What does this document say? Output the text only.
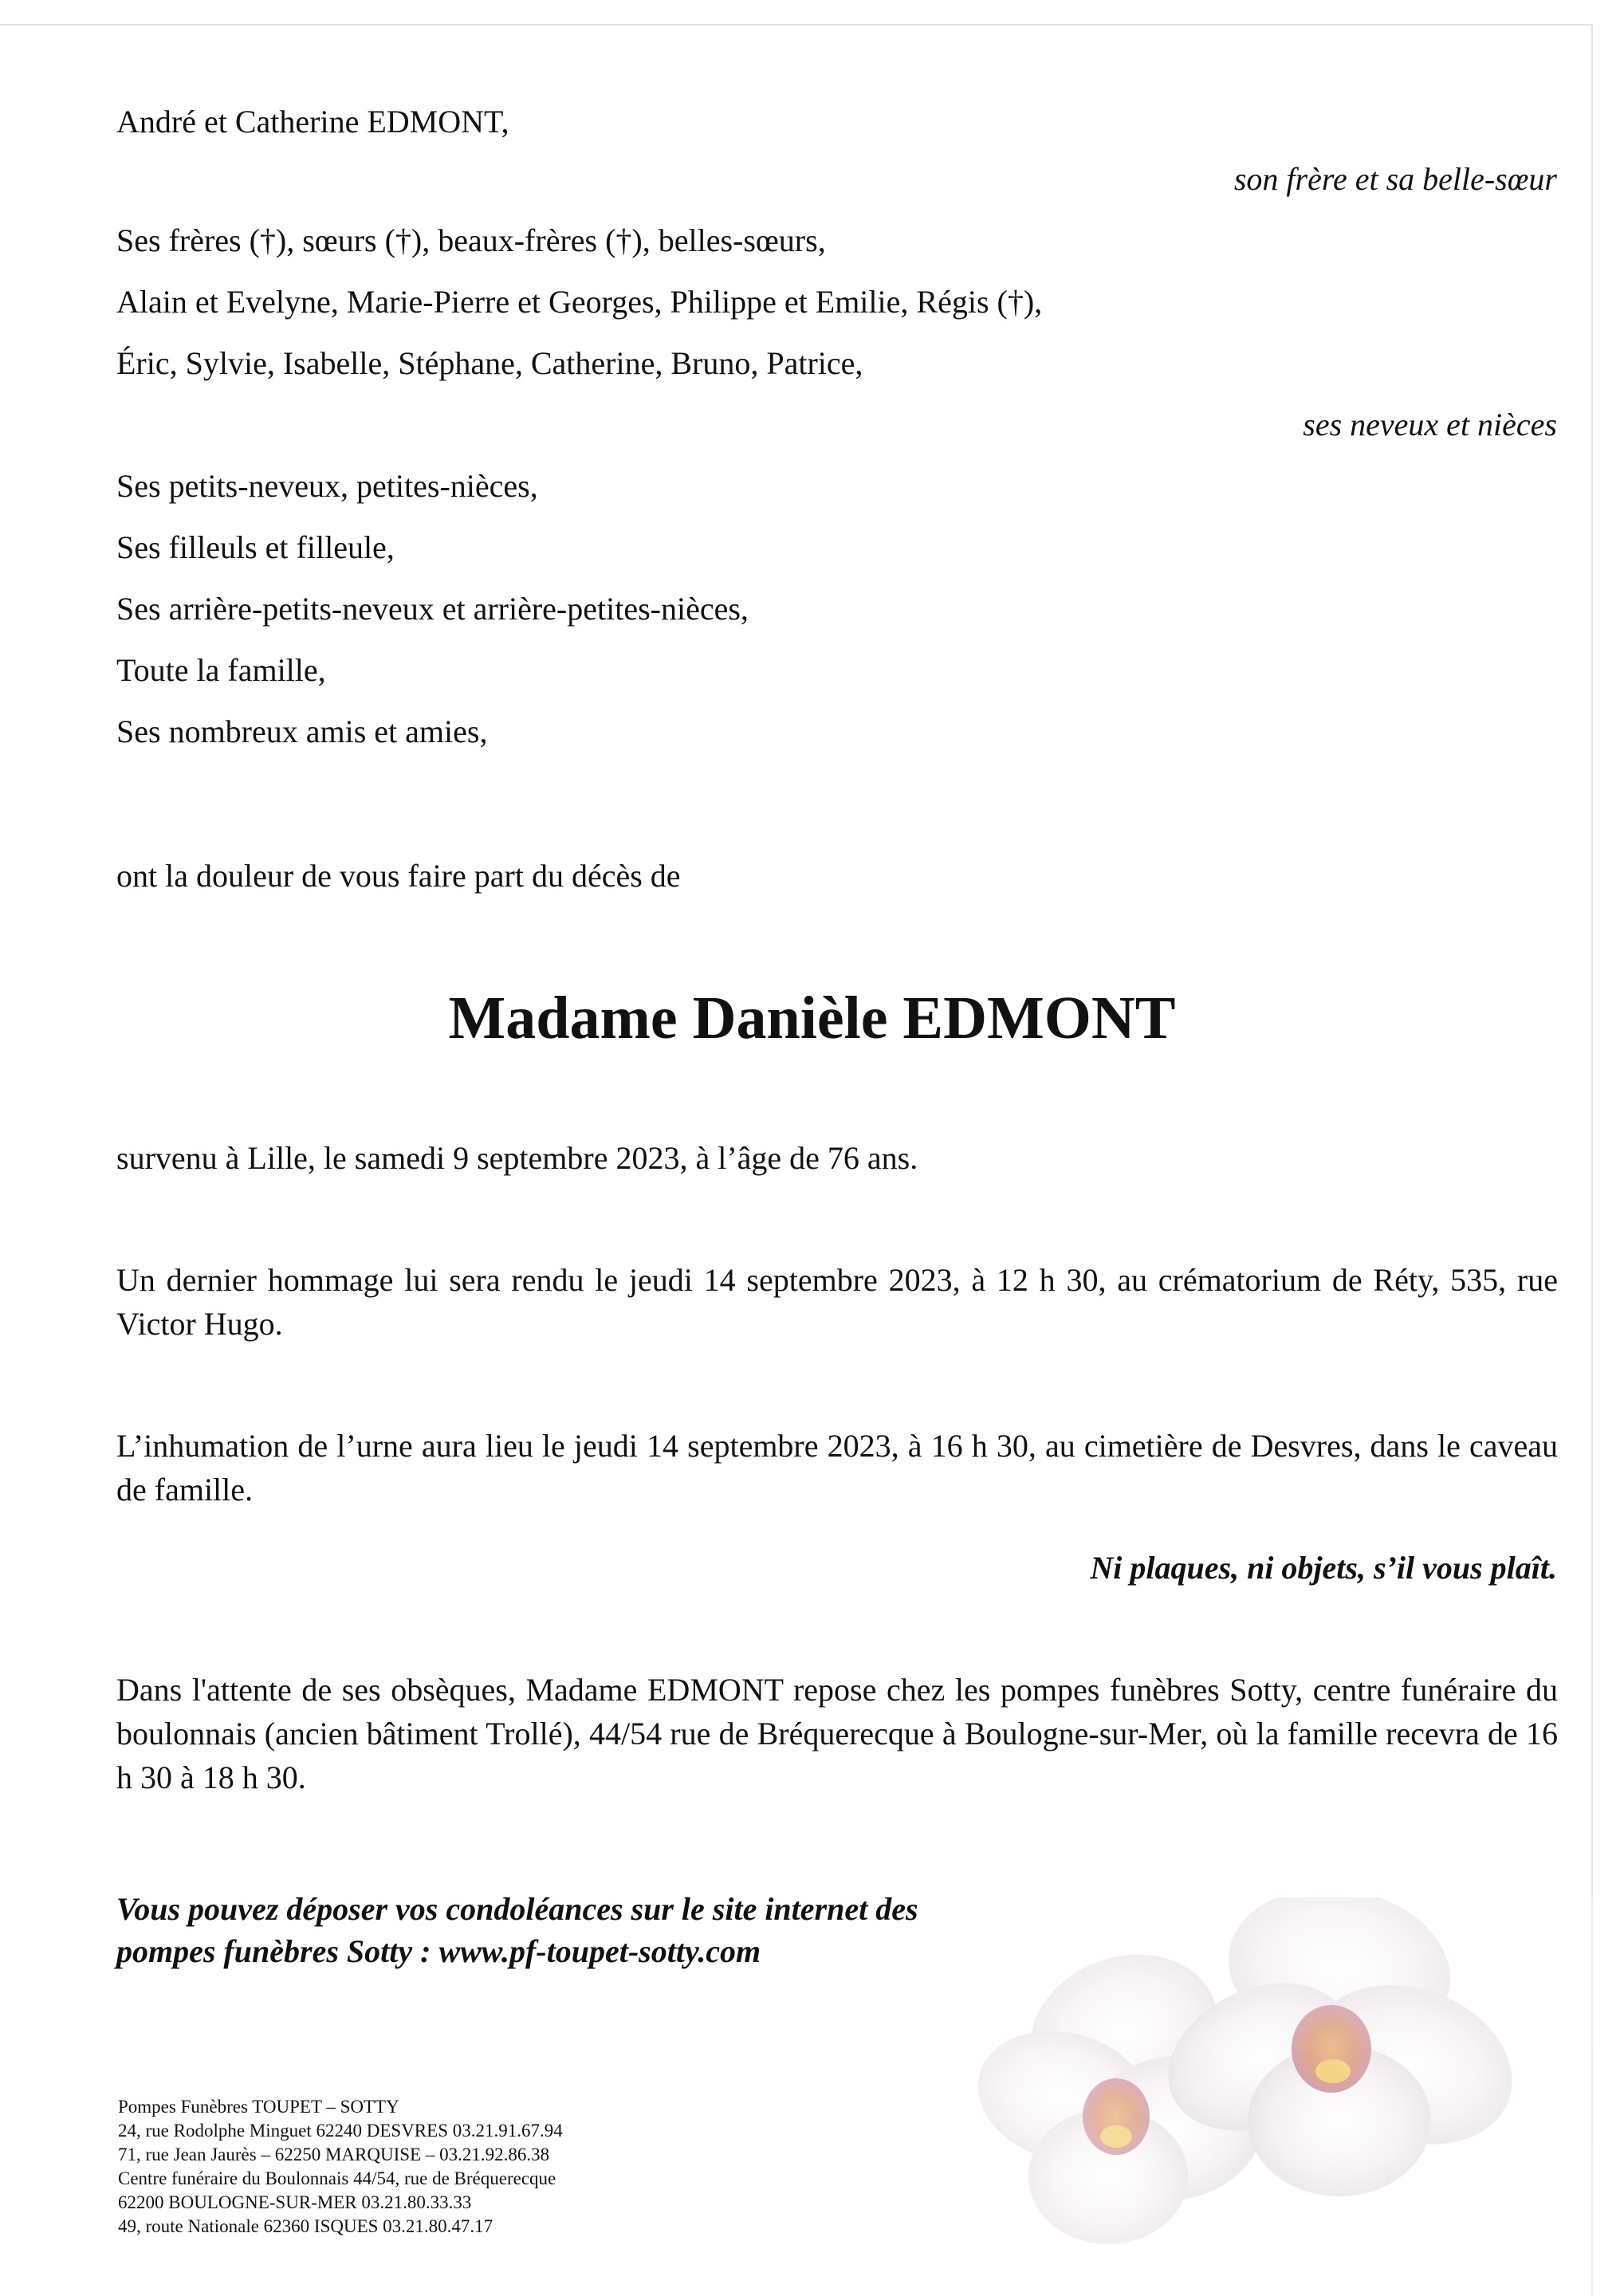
André et Catherine EDMONT,
son frère et sa belle-sœur
Ses frères (†), sœurs (†), beaux-frères (†), belles-sœurs,
Alain et Evelyne, Marie-Pierre et Georges, Philippe et Emilie, Régis (†),
Éric, Sylvie, Isabelle, Stéphane, Catherine, Bruno, Patrice,
ses neveux et nièces
Ses petits-neveux, petites-nièces,
Ses filleuls et filleule,
Ses arrière-petits-neveux et arrière-petites-nièces,
Toute la famille,
Ses nombreux amis et amies,
ont la douleur de vous faire part du décès de
Madame Danièle EDMONT
survenu à Lille, le samedi 9 septembre 2023, à l’âge de 76 ans.
Un dernier hommage lui sera rendu le jeudi 14 septembre 2023, à 12 h 30, au crématorium de Réty, 535, rue Victor Hugo.
L’inhumation de l’urne aura lieu le jeudi 14 septembre 2023, à 16 h 30, au cimetière de Desvres, dans le caveau de famille.
Ni plaques, ni objets, s’il vous plaît.
Dans l'attente de ses obsèques, Madame EDMONT repose chez les pompes funèbres Sotty, centre funéraire du boulonnais (ancien bâtiment Trollé), 44/54 rue de Bréquerecque à Boulogne-sur-Mer, où la famille recevra de 16 h 30 à 18 h 30.
Vous pouvez déposer vos condoléances sur le site internet des
pompes funèbres Sotty : www.pf-toupet-sotty.com
Pompes Funèbres TOUPET – SOTTY
24, rue Rodolphe Minguet 62240 DESVRES 03.21.91.67.94
71, rue Jean Jaurès – 62250 MARQUISE – 03.21.92.86.38
Centre funéraire du Boulonnais 44/54, rue de Bréquerecque
62200 BOULOGNE-SUR-MER 03.21.80.33.33
49, route Nationale 62360 ISQUES 03.21.80.47.17
